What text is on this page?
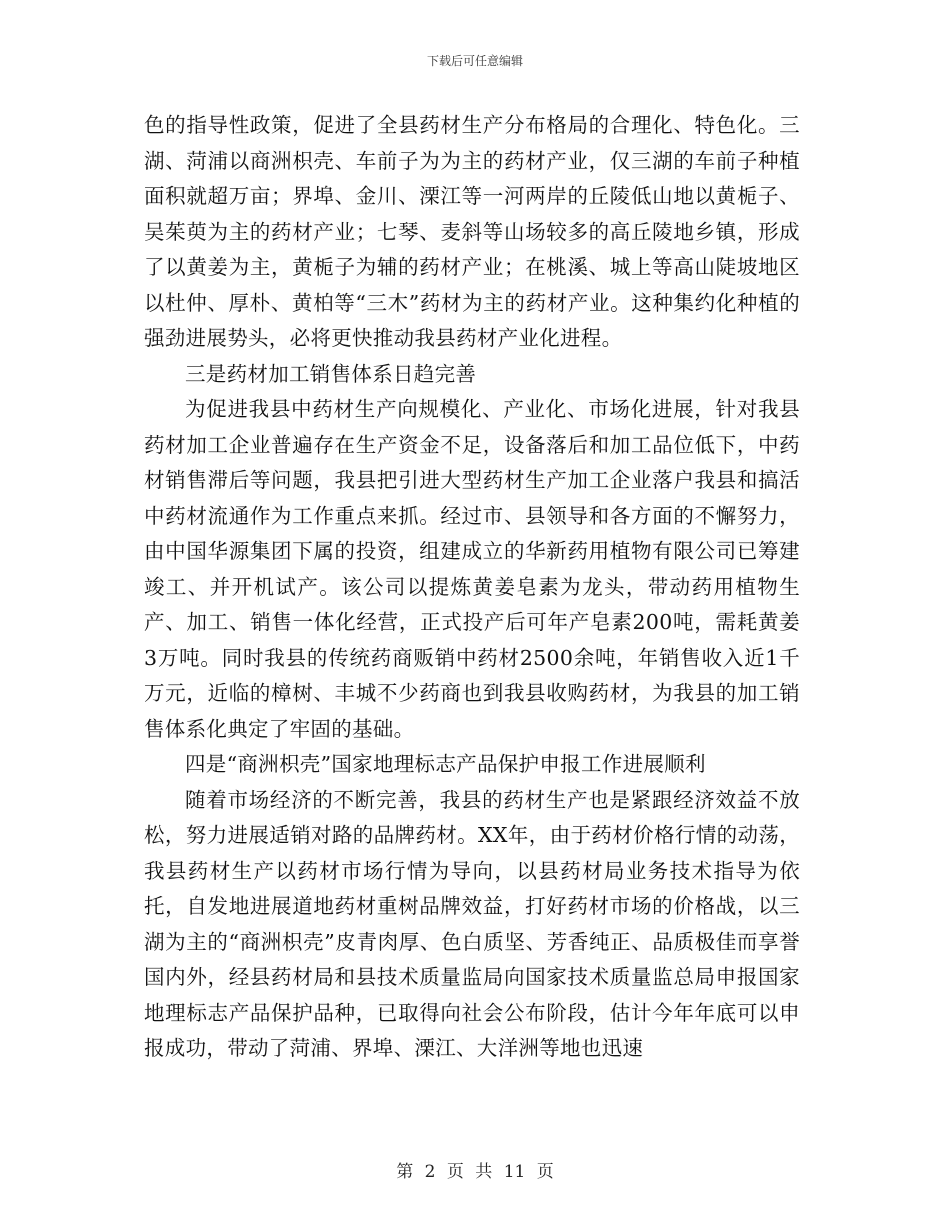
下载后可任意编辑

色的指导性政策，促进了全县药材生产分布格局的合理化、特色化。三湖、菏浦以商洲枳壳、车前子为为主的药材产业，仅三湖的车前子种植面积就超万亩；界埠、金川、溧江等一河两岸的丘陵低山地以黄栀子、吴茱萸为主的药材产业；七琴、麦斜等山场较多的高丘陵地乡镇，形成了以黄姜为主，黄栀子为辅的药材产业；在桃溪、城上等高山陡坡地区以杜仲、厚朴、黄柏等“三木”药材为主的药材产业。这种集约化种植的强劲进展势头，必将更快推动我县药材产业化进程。

三是药材加工销售体系日趋完善

为促进我县中药材生产向规模化、产业化、市场化进展，针对我县药材加工企业普遍存在生产资金不足，设备落后和加工品位低下，中药材销售滞后等问题，我县把引进大型药材生产加工企业落户我县和搞活中药材流通作为工作重点来抓。经过市、县领导和各方面的不懈努力，由中国华源集团下属的投资，组建成立的华新药用植物有限公司已筹建竣工、并开机试产。该公司以提炼黄姜皂素为龙头，带动药用植物生产、加工、销售一体化经营，正式投产后可年产皂素200吨，需耗黄姜3万吨。同时我县的传统药商贩销中药材2500余吨，年销售收入近1千万元，近临的樟树、丰城不少药商也到我县收购药材，为我县的加工销售体系化典定了牢固的基础。

四是“商洲枳壳”国家地理标志产品保护申报工作进展顺利

随着市场经济的不断完善，我县的药材生产也是紧跟经济效益不放松，努力进展适销对路的品牌药材。XX年，由于药材价格行情的动荡，我县药材生产以药材市场行情为导向，以县药材局业务技术指导为依托，自发地进展道地药材重树品牌效益，打好药材市场的价格战，以三湖为主的“商洲枳壳”皮青肉厚、色白质坚、芳香纯正、品质极佳而享誉国内外，经县药材局和县技术质量监局向国家技术质量监总局申报国家地理标志产品保护品种，已取得向社会公布阶段，估计今年年底可以申报成功，带动了菏浦、界埠、溧江、大洋洲等地也迅速

第 2 页 共 11 页
